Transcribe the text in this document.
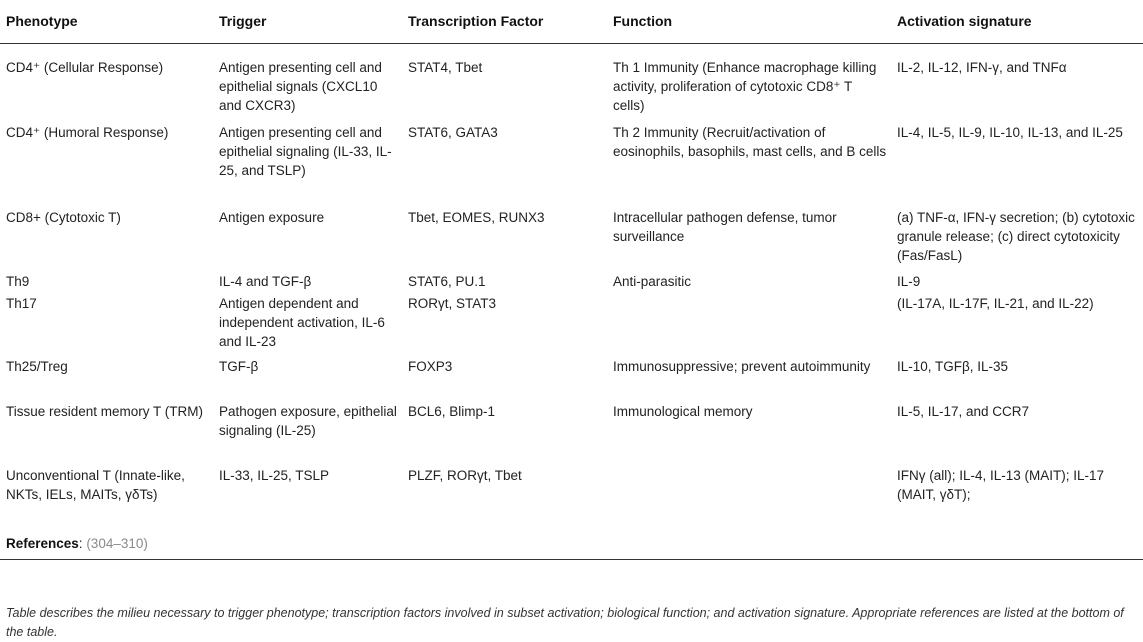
Phenotype	Trigger	Transcription Factor	Function	Activation signature
CD4⁺ (Cellular Response)	Antigen presenting cell and epithelial signals (CXCL10 and CXCR3)	STAT4, Tbet	Th 1 Immunity (Enhance macrophage killing activity, proliferation of cytotoxic CD8⁺ T cells)	IL-2, IL-12, IFN-γ, and TNFα
CD4⁺ (Humoral Response)	Antigen presenting cell and epithelial signaling (IL-33, IL-25, and TSLP)	STAT6, GATA3	Th 2 Immunity (Recruit/activation of eosinophils, basophils, mast cells, and B cells	IL-4, IL-5, IL-9, IL-10, IL-13, and IL-25
CD8+ (Cytotoxic T)	Antigen exposure	Tbet, EOMES, RUNX3	Intracellular pathogen defense, tumor surveillance	(a) TNF-α, IFN-γ secretion; (b) cytotoxic granule release; (c) direct cytotoxicity (Fas/FasL)
Th9	IL-4 and TGF-β	STAT6, PU.1	Anti-parasitic	IL-9
Th17	Antigen dependent and independent activation, IL-6 and IL-23	RORγt, STAT3		(IL-17A, IL-17F, IL-21, and IL-22)
Th25/Treg	TGF-β	FOXP3	Immunosuppressive; prevent autoimmunity	IL-10, TGFβ, IL-35
Tissue resident memory T (TRM)	Pathogen exposure, epithelial signaling (IL-25)	BCL6, Blimp-1	Immunological memory	IL-5, IL-17, and CCR7
Unconventional T (Innate-like, NKTs, IELs, MAITs, γδTs)	IL-33, IL-25, TSLP	PLZF, RORγt, Tbet		IFNγ (all); IL-4, IL-13 (MAIT); IL-17 (MAIT, γδT);
References: (304–310)				
Table describes the milieu necessary to trigger phenotype; transcription factors involved in subset activation; biological function; and activation signature. Appropriate references are listed at the bottom of the table.
